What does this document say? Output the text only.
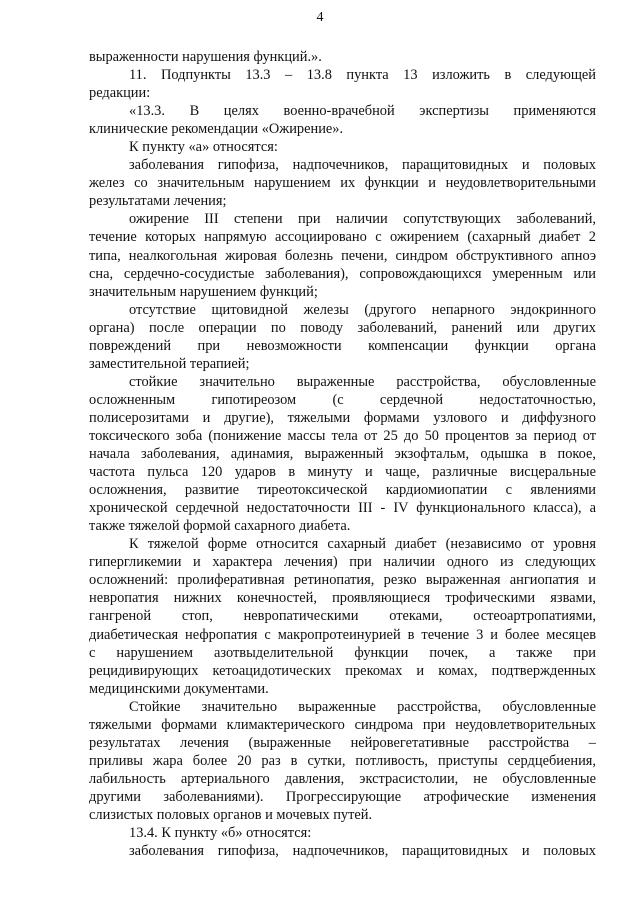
4
выраженности нарушения функций.».
11. Подпункты 13.3 – 13.8 пункта 13 изложить в следующей
редакции:
«13.3. В целях военно-врачебной экспертизы применяются
клинические рекомендации «Ожирение».
К пункту «а» относятся:
заболевания гипофиза, надпочечников, паращитовидных и половых
желез со значительным нарушением их функции и неудовлетворительными
результатами лечения;
ожирение III степени при наличии сопутствующих заболеваний,
течение которых напрямую ассоциировано с ожирением (сахарный диабет 2
типа, неалкогольная жировая болезнь печени, синдром обструктивного апноэ
сна, сердечно-сосудистые заболевания), сопровождающихся умеренным или
значительным нарушением функций;
отсутствие щитовидной железы (другого непарного эндокринного
органа) после операции по поводу заболеваний, ранений или других
повреждений при невозможности компенсации функции органа
заместительной терапией;
стойкие значительно выраженные расстройства, обусловленные
осложненным гипотиреозом (с сердечной недостаточностью,
полисерозитами и другие), тяжелыми формами узлового и диффузного
токсического зоба (понижение массы тела от 25 до 50 процентов за период от
начала заболевания, адинамия, выраженный экзофтальм, одышка в покое,
частота пульса 120 ударов в минуту и чаще, различные висцеральные
осложнения, развитие тиреотоксической кардиомиопатии с явлениями
хронической сердечной недостаточности III - IV функционального класса), а
также тяжелой формой сахарного диабета.
К тяжелой форме относится сахарный диабет (независимо от уровня
гипергликемии и характера лечения) при наличии одного из следующих
осложнений: пролиферативная ретинопатия, резко выраженная ангиопатия и
невропатия нижних конечностей, проявляющиеся трофическими язвами,
гангреной стоп, невропатическими отеками, остеоартропатиями,
диабетическая нефропатия с макропротеинурией в течение 3 и более месяцев
с нарушением азотвыделительной функции почек, а также при
рецидивирующих кетоацидотических прекомах и комах, подтвержденных
медицинскими документами.
Стойкие значительно выраженные расстройства, обусловленные
тяжелыми формами климактерического синдрома при неудовлетворительных
результатах лечения (выраженные нейровегетативные расстройства –
приливы жара более 20 раз в сутки, потливость, приступы сердцебиения,
лабильность артериального давления, экстрасистолии, не обусловленные
другими заболеваниями). Прогрессирующие атрофические изменения
слизистых половых органов и мочевых путей.
13.4. К пункту «б» относятся:
заболевания гипофиза, надпочечников, паращитовидных и половых
